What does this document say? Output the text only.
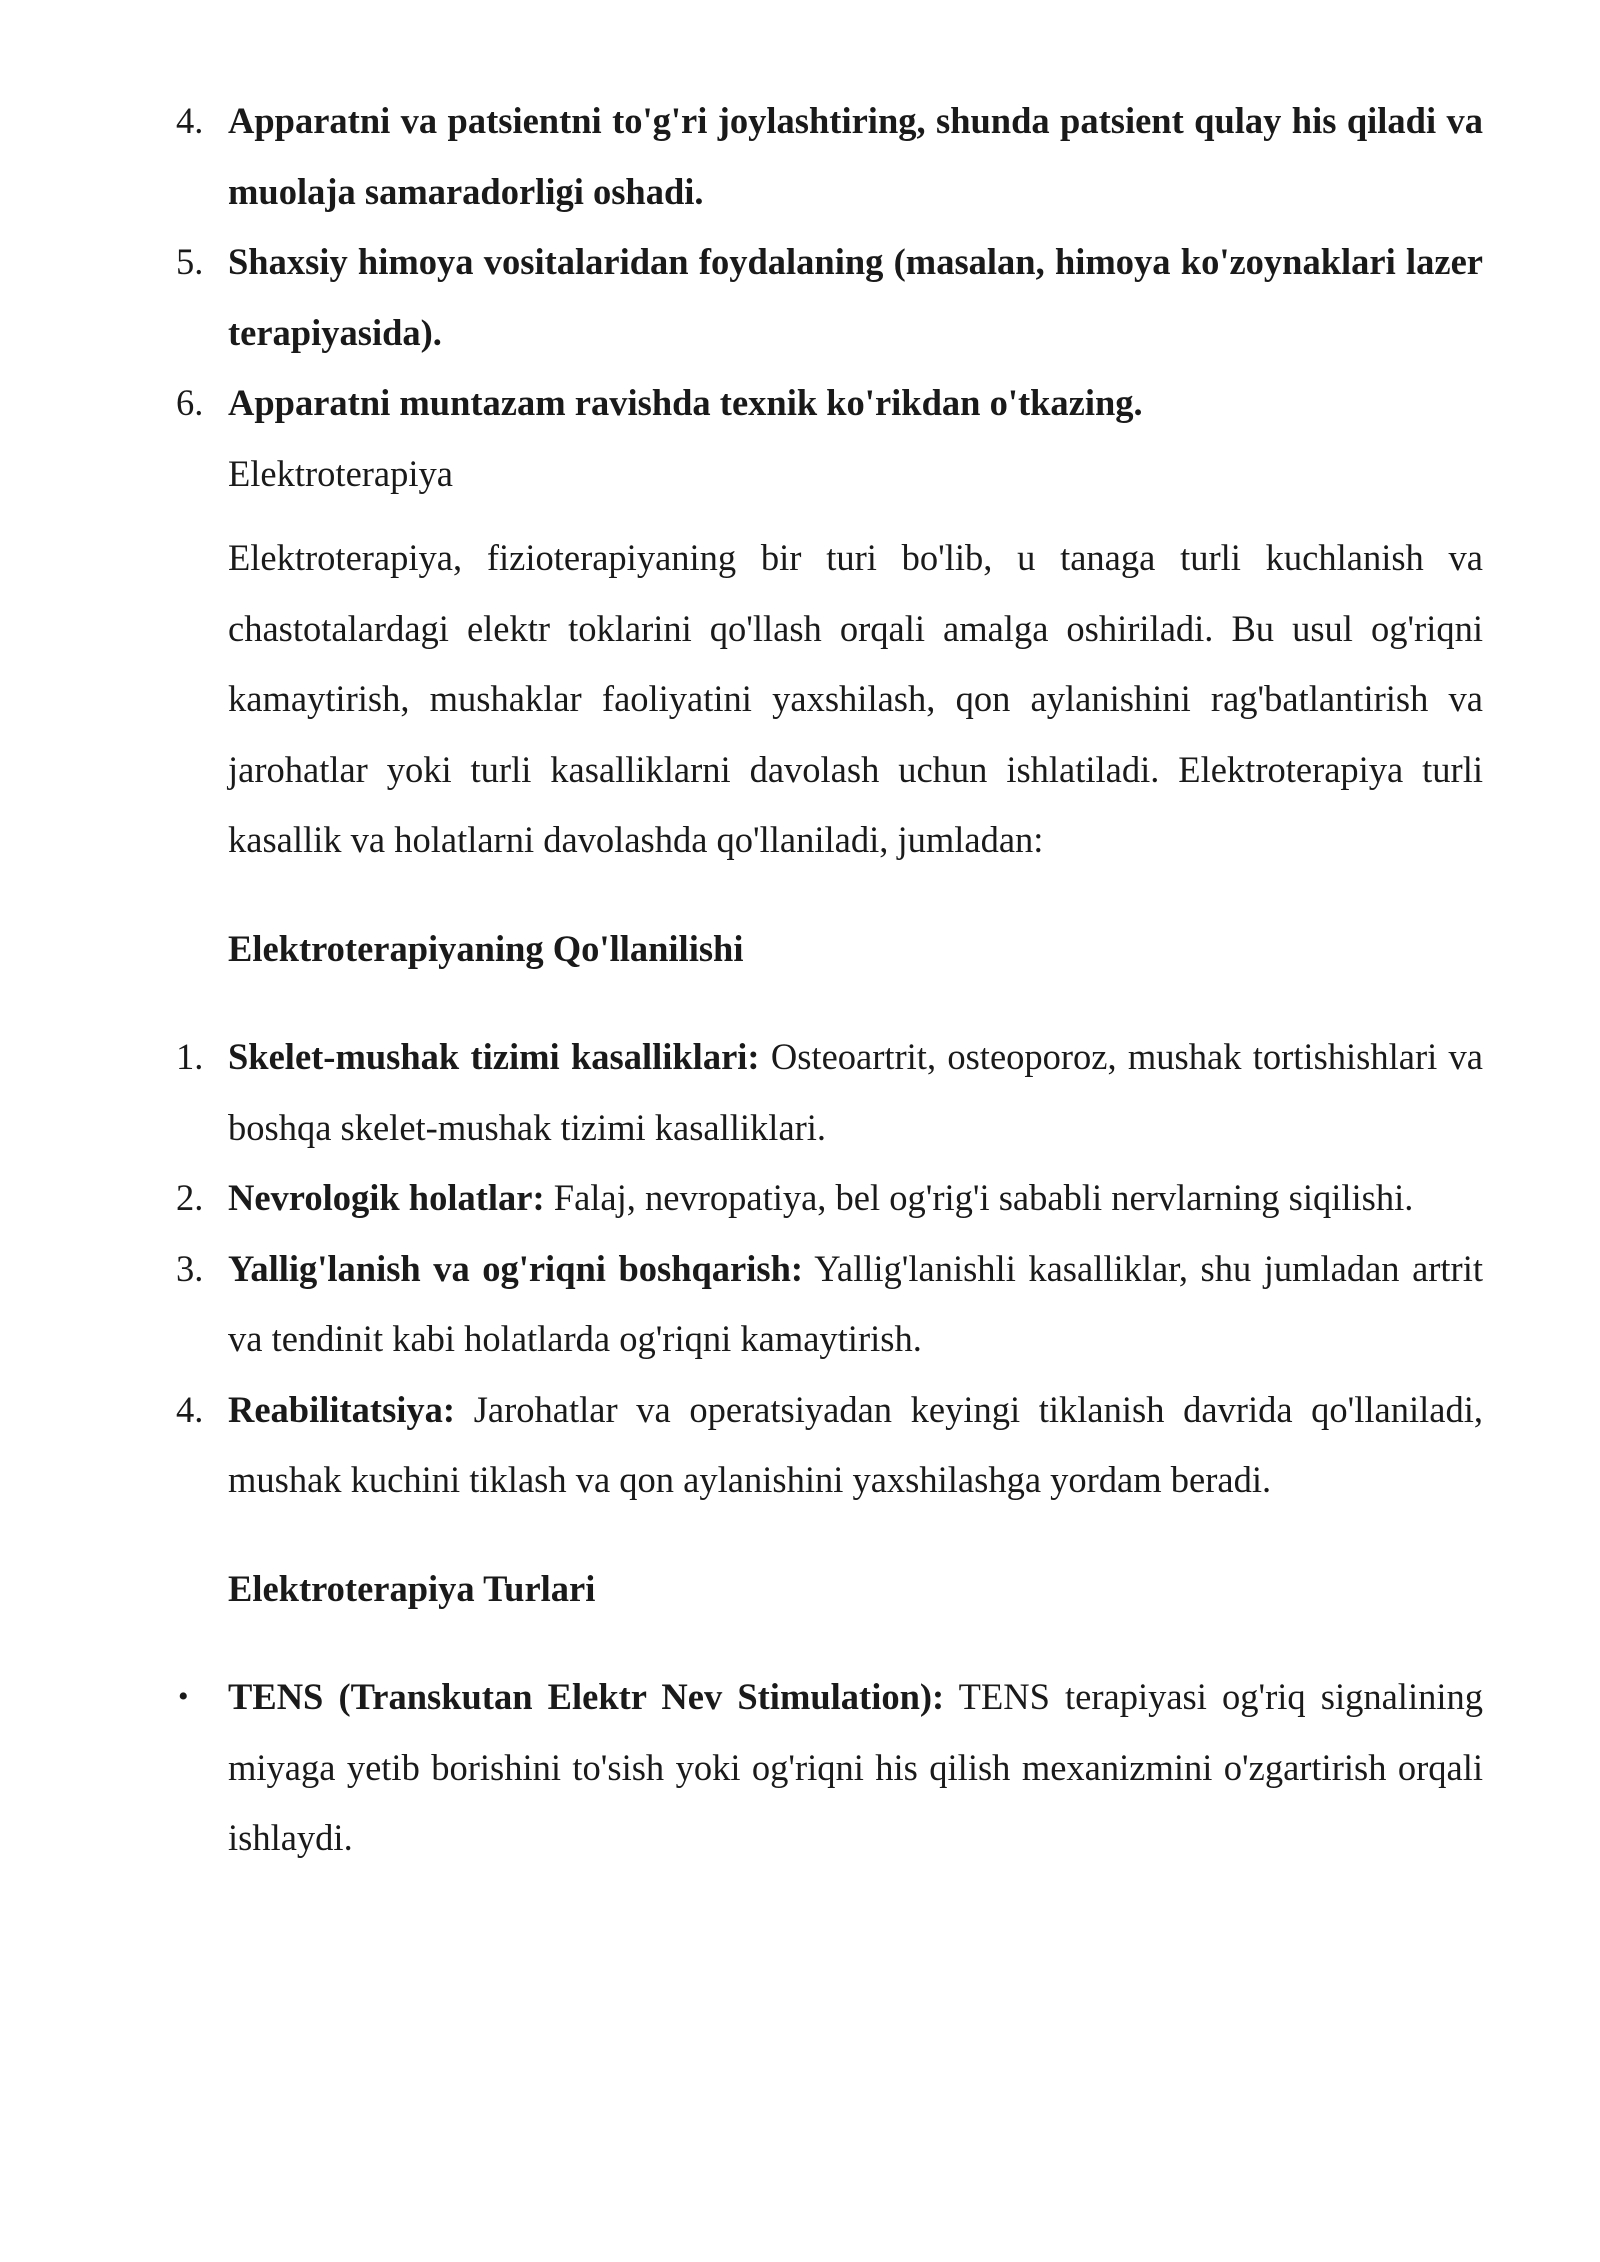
4. Apparatni va patsientni to'g'ri joylashtiring, shunda patsient qulay his qiladi va muolaja samaradorligi oshadi.
5. Shaxsiy himoya vositalaridan foydalaning (masalan, himoya ko'zoynaklari lazer terapiyasida).
6. Apparatni muntazam ravishda texnik ko'rikdan o'tkazing.
Elektroterapiya

Elektroterapiya, fizioterapiyaning bir turi bo'lib, u tanaga turli kuchlanish va chastotalardagi elektr toklarini qo'llash orqali amalga oshiriladi. Bu usul og'riqni kamaytirish, mushaklar faoliyatini yaxshilash, qon aylanishini rag'batlantirish va jarohatlar yoki turli kasalliklarni davolash uchun ishlatiladi. Elektroterapiya turli kasallik va holatlarni davolashda qo'llaniladi, jumladan:

Elektroterapiyaning Qo'llanilishi
1. Skelet-mushak tizimi kasalliklari: Osteoartrit, osteoporoz, mushak tortishishlari va boshqa skelet-mushak tizimi kasalliklari.
2. Nevrologik holatlar: Falaj, nevropatiya, bel og'rig'i sababli nervlarning siqilishi.
3. Yallig'lanish va og'riqni boshqarish: Yallig'lanishli kasalliklar, shu jumladan artrit va tendinit kabi holatlarda og'riqni kamaytirish.
4. Reabilitatsiya: Jarohatlar va operatsiyadan keyingi tiklanish davrida qo'llaniladi, mushak kuchini tiklash va qon aylanishini yaxshilashga yordam beradi.
Elektroterapiya Turlari
• TENS (Transkutan Elektr Nev Stimulation): TENS terapiyasi og'riq signalining miyaga yetib borishini to'sish yoki og'riqni his qilish mexanizmini o'zgartirish orqali ishlaydi.
